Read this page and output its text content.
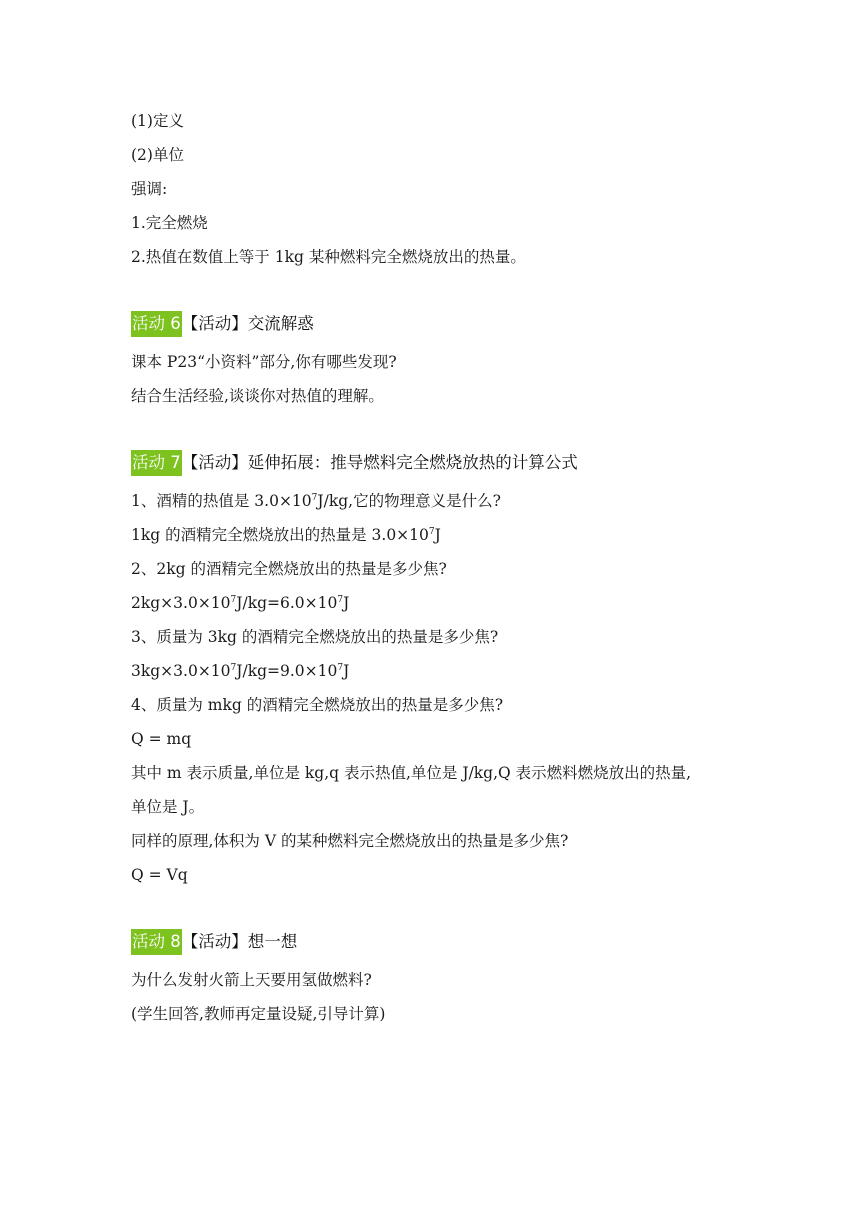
(1)定义
(2)单位
强调:
1.完全燃烧
2.热值在数值上等于 1kg 某种燃料完全燃烧放出的热量。
活动 6【活动】交流解惑
课本 P23“小资料”部分,你有哪些发现?
结合生活经验,谈谈你对热值的理解。
活动 7【活动】延伸拓展：推导燃料完全燃烧放热的计算公式
1、酒精的热值是 $3.0\times 10^7J/kg$,它的物理意义是什么?
1kg 的酒精完全燃烧放出的热量是 $3.0\times 10^7J$
2、2kg 的酒精完全燃烧放出的热量是多少焦?
$2kg\times 3.0\times 10^7J/kg=6.0\times 10^7J$
3、质量为 3kg 的酒精完全燃烧放出的热量是多少焦?
$3kg\times 3.0\times 10^7J/kg=9.0\times 10^7J$
4、质量为 mkg 的酒精完全燃烧放出的热量是多少焦?
Q = mq
其中 m 表示质量,单位是 kg,q 表示热值,单位是 J/kg,Q 表示燃料燃烧放出的热量,
单位是 J。
同样的原理,体积为 V 的某种燃料完全燃烧放出的热量是多少焦?
Q = Vq
活动 8【活动】想一想
为什么发射火箭上天要用氢做燃料?
(学生回答,教师再定量设疑,引导计算)
